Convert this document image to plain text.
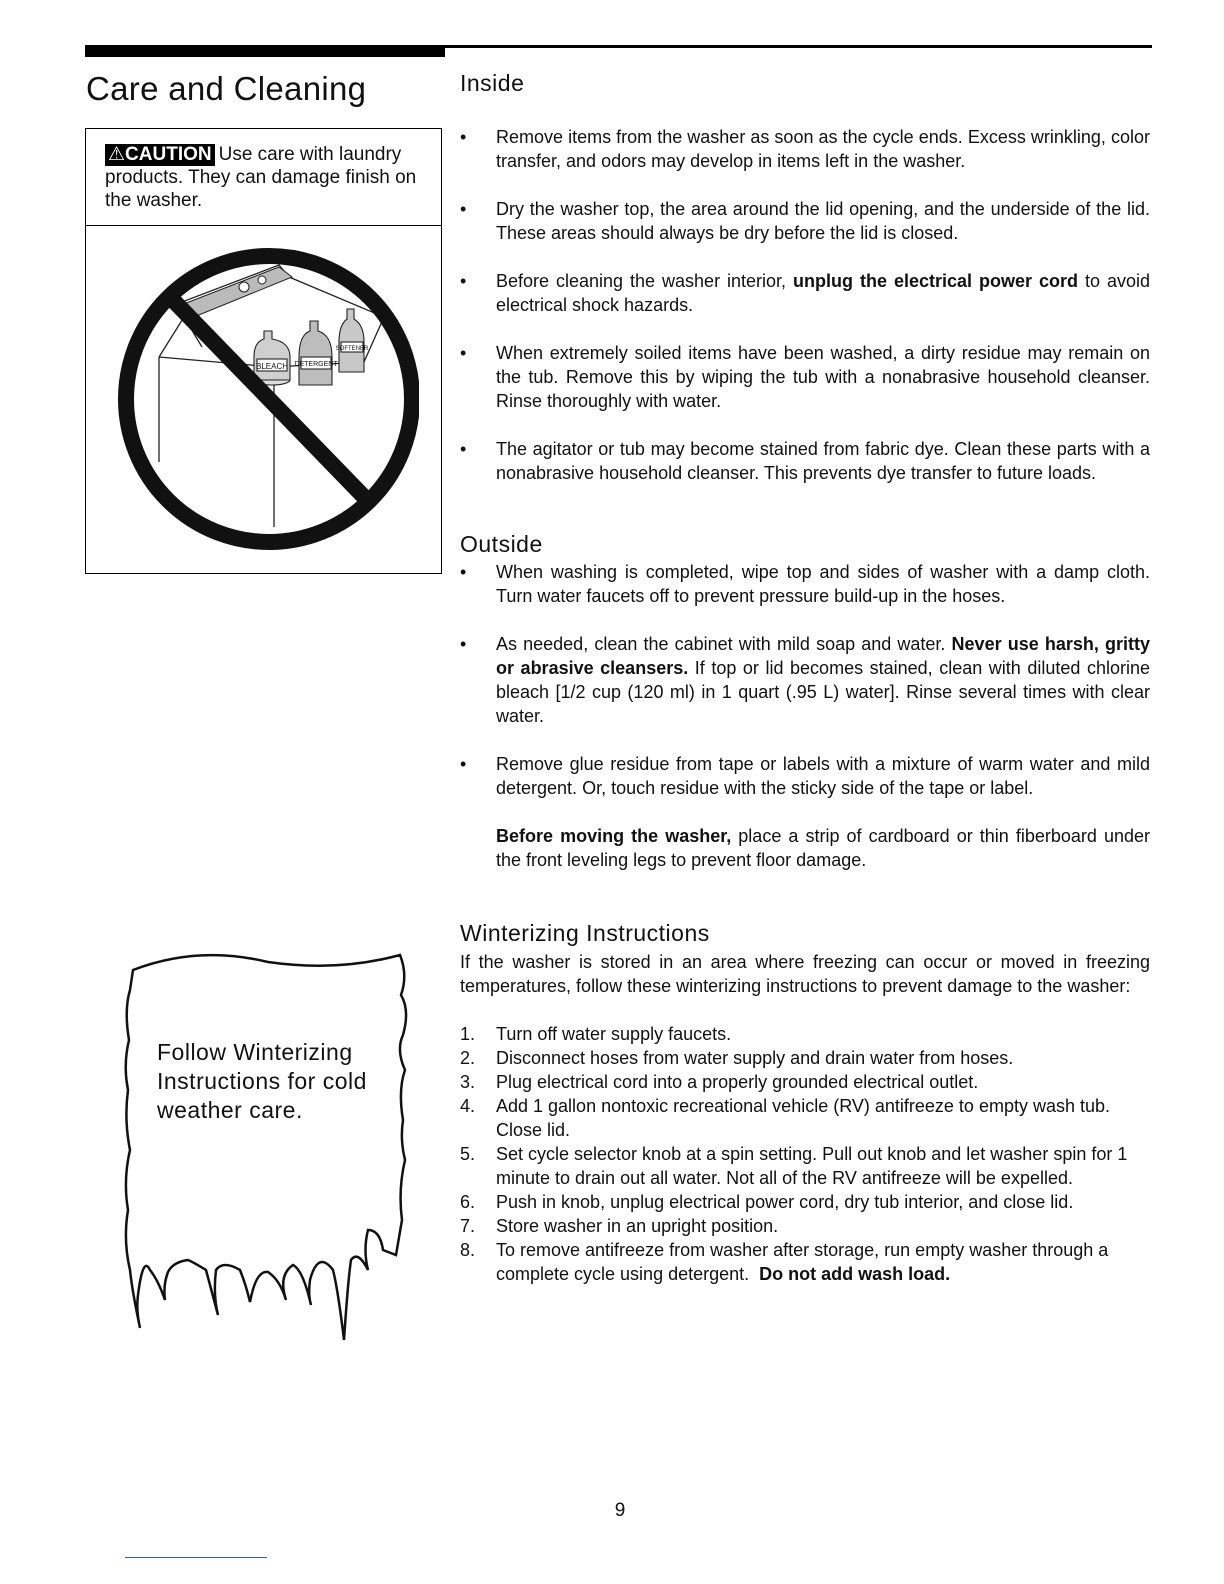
Care and Cleaning
⚠CAUTION Use care with laundry products. They can damage finish on the washer.
BLEACH DETERGENT
SOFTENER
Follow Winterizing Instructions for cold weather care.
Inside
• Remove items from the washer as soon as the cycle ends. Excess wrinkling, color transfer, and odors may develop in items left in the washer.
• Dry the washer top, the area around the lid opening, and the underside of the lid. These areas should always be dry before the lid is closed.
• Before cleaning the washer interior, unplug the electrical power cord to avoid electrical shock hazards.
• When extremely soiled items have been washed, a dirty residue may remain on the tub. Remove this by wiping the tub with a nonabrasive household cleanser. Rinse thoroughly with water.
• The agitator or tub may become stained from fabric dye. Clean these parts with a nonabrasive household cleanser. This prevents dye transfer to future loads.
Outside
• When washing is completed, wipe top and sides of washer with a damp cloth. Turn water faucets off to prevent pressure build-up in the hoses.
• As needed, clean the cabinet with mild soap and water. Never use harsh, gritty or abrasive cleansers. If top or lid becomes stained, clean with diluted chlorine bleach [1/2 cup (120 ml) in 1 quart (.95 L) water]. Rinse several times with clear water.
• Remove glue residue from tape or labels with a mixture of warm water and mild detergent. Or, touch residue with the sticky side of the tape or label.
Before moving the washer, place a strip of cardboard or thin fiberboard under the front leveling legs to prevent floor damage.
Winterizing Instructions
If the washer is stored in an area where freezing can occur or moved in freezing temperatures, follow these winterizing instructions to prevent damage to the washer:
1. Turn off water supply faucets.
2. Disconnect hoses from water supply and drain water from hoses.
3. Plug electrical cord into a properly grounded electrical outlet.
4. Add 1 gallon nontoxic recreational vehicle (RV) antifreeze to empty wash tub. Close lid.
5. Set cycle selector knob at a spin setting. Pull out knob and let washer spin for 1 minute to drain out all water. Not all of the RV antifreeze will be expelled.
6. Push in knob, unplug electrical power cord, dry tub interior, and close lid.
7. Store washer in an upright position.
8. To remove antifreeze from washer after storage, run empty washer through a complete cycle using detergent.  Do not add wash load.
9
